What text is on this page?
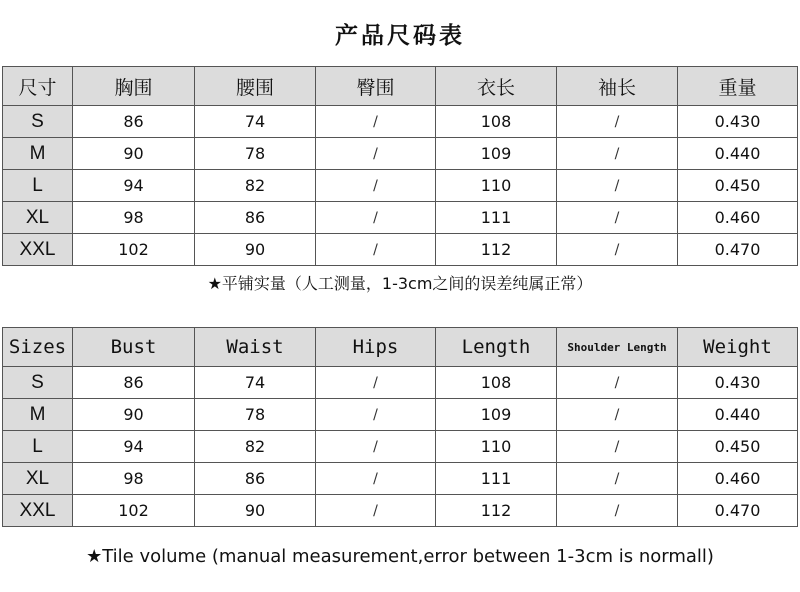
产品尺码表
尺寸	胸围	腰围	臀围	衣长	袖长	重量
S	86	74	/	108	/	0.430
M	90	78	/	109	/	0.440
L	94	82	/	110	/	0.450
XL	98	86	/	111	/	0.460
XXL	102	90	/	112	/	0.470
★平铺实量（人工测量，1-3cm之间的误差纯属正常）
Sizes	Bust	Waist	Hips	Length	Shoulder Length	Weight
S	86	74	/	108	/	0.430
M	90	78	/	109	/	0.440
L	94	82	/	110	/	0.450
XL	98	86	/	111	/	0.460
XXL	102	90	/	112	/	0.470
★Tile volume (manual measurement,error between 1-3cm is normall)
